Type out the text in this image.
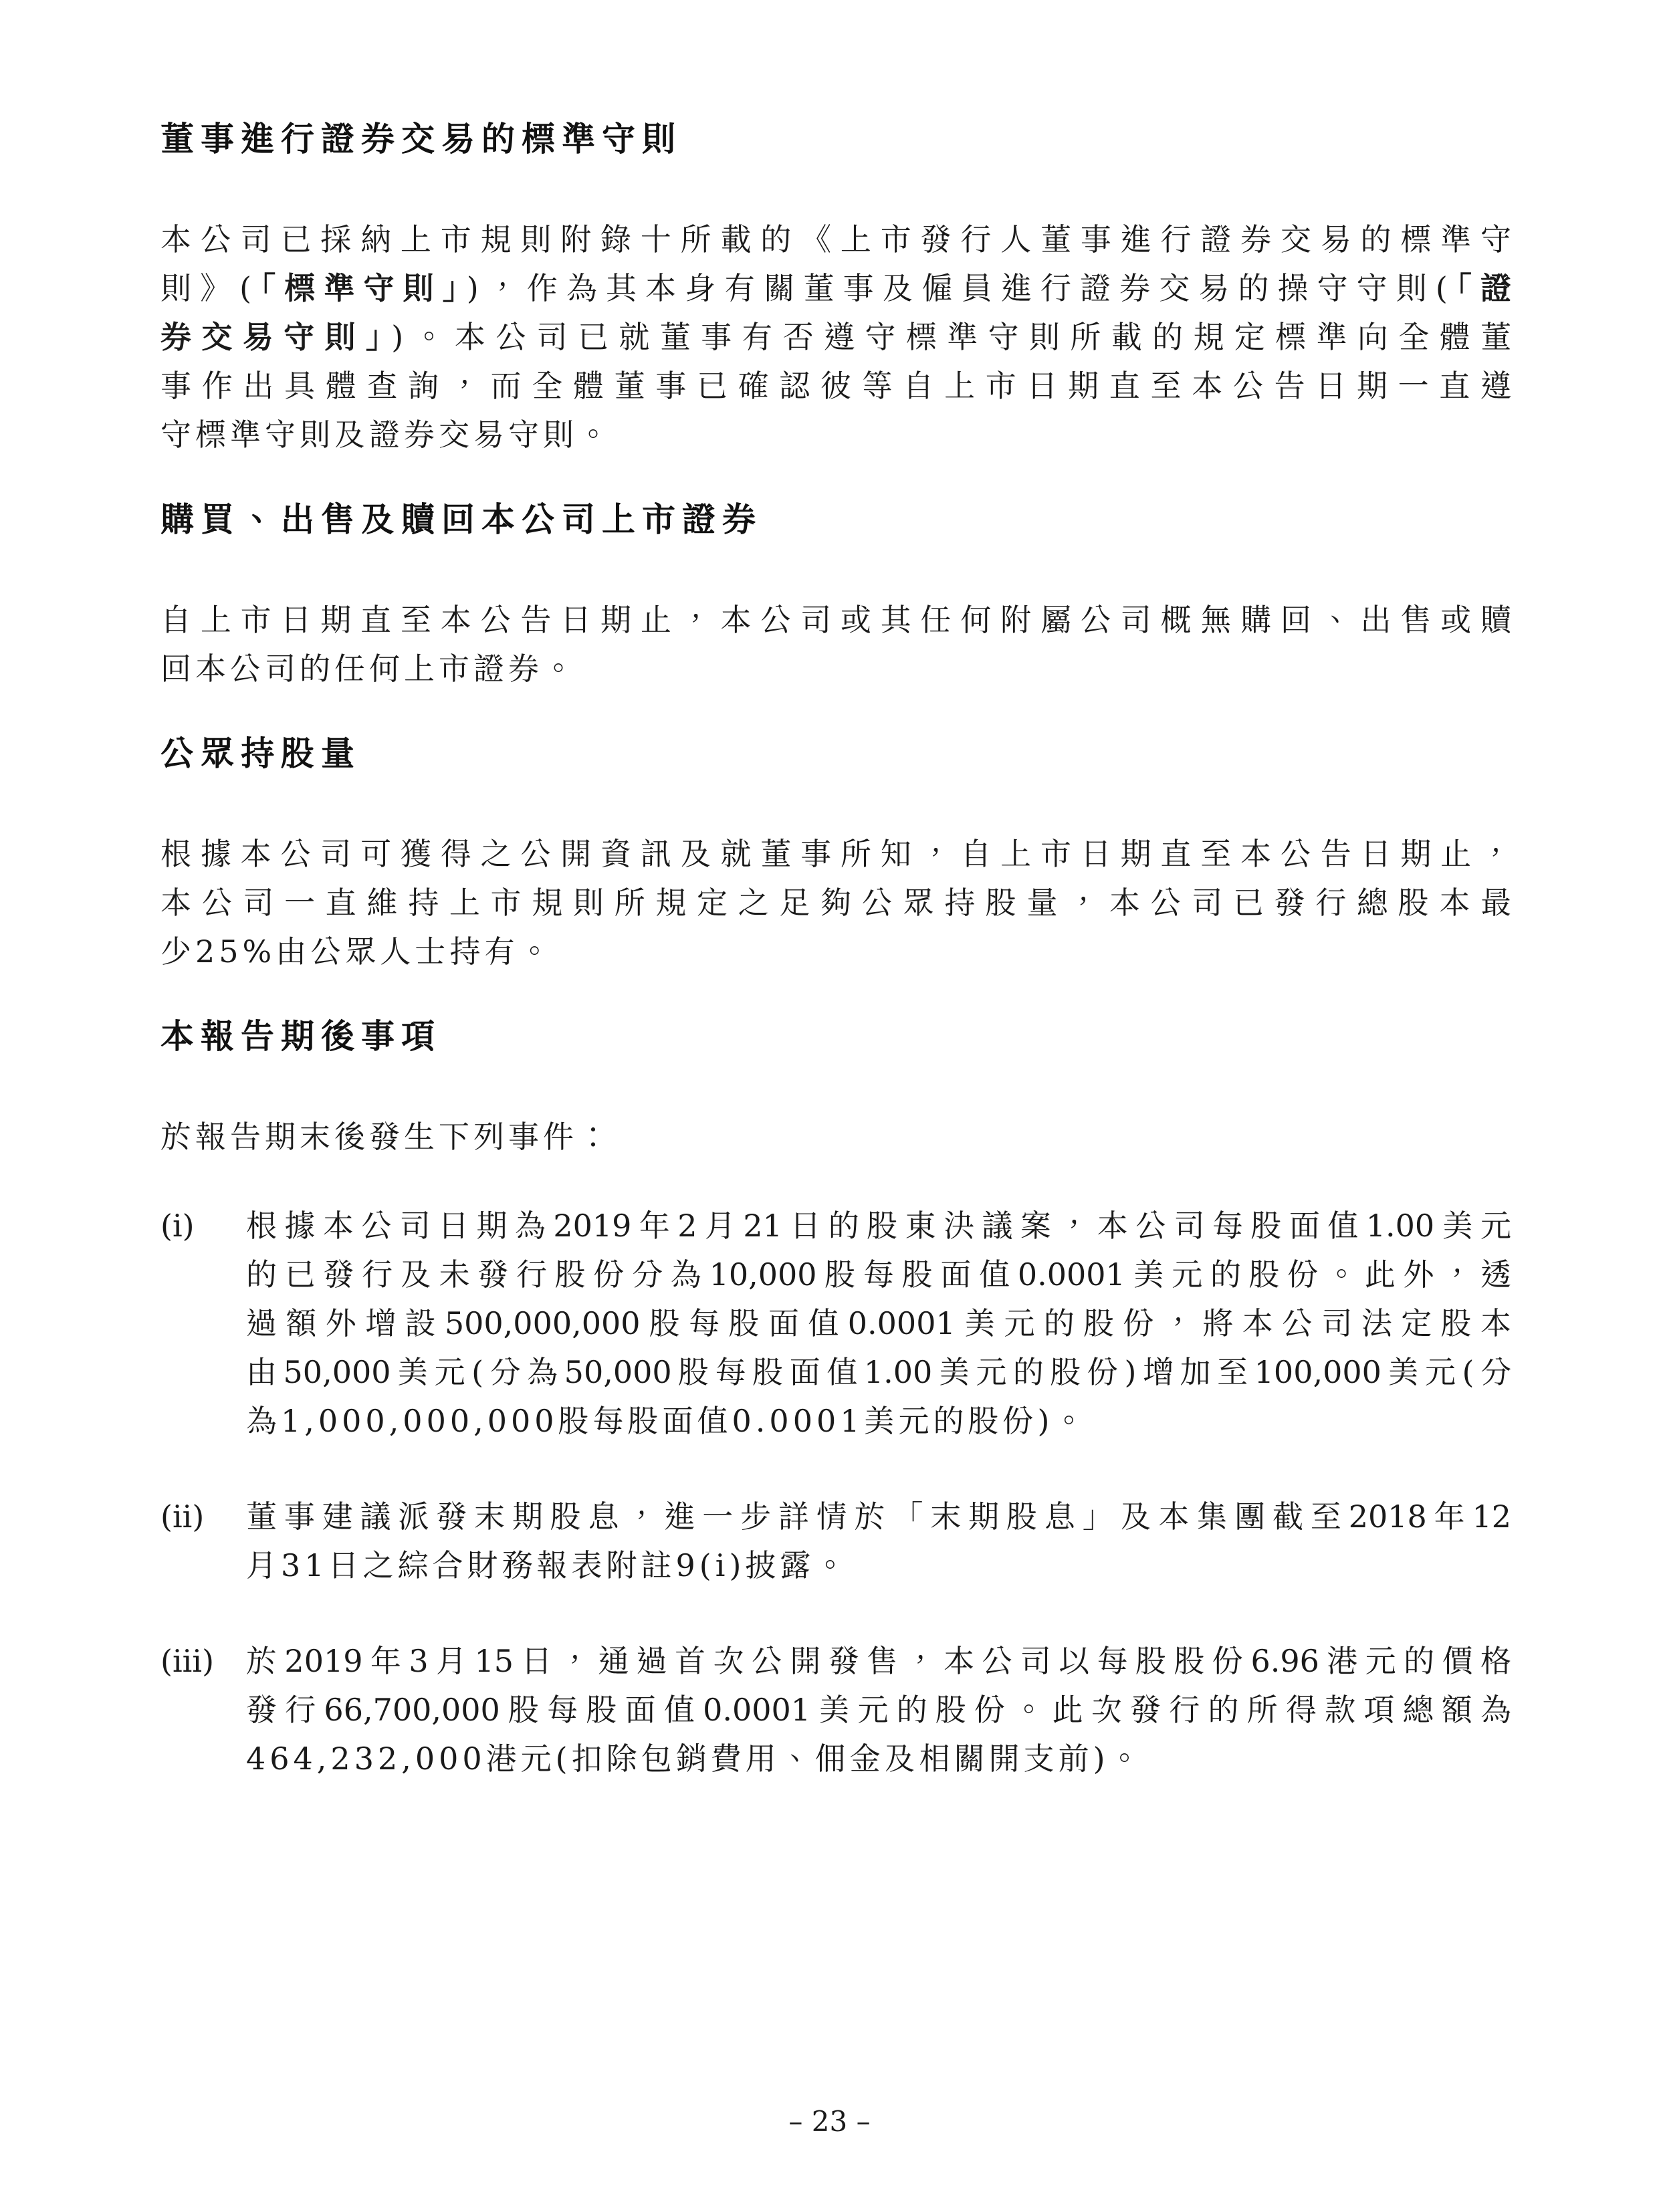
董事進行證券交易的標準守則
本公司已採納上市規則附錄十所載的《上市發行人董事進行證券交易的標準守
則》(「標準守則」)，作為其本身有關董事及僱員進行證券交易的操守守則(「證
券交易守則」)。本公司已就董事有否遵守標準守則所載的規定標準向全體董
事作出具體查詢，而全體董事已確認彼等自上市日期直至本公告日期一直遵
守標準守則及證券交易守則。
購買、出售及贖回本公司上市證券
自上市日期直至本公告日期止，本公司或其任何附屬公司概無購回、出售或贖
回本公司的任何上市證券。
公眾持股量
根據本公司可獲得之公開資訊及就董事所知，自上市日期直至本公告日期止，
本公司一直維持上市規則所規定之足夠公眾持股量，本公司已發行總股本最
少25%由公眾人士持有。
本報告期後事項
於報告期末後發生下列事件：
(i) 根據本公司日期為2019年2月21日的股東決議案，本公司每股面值1.00美元
的已發行及未發行股份分為10,000股每股面值0.0001美元的股份。此外，透
過額外增設500,000,000股每股面值0.0001美元的股份，將本公司法定股本
由50,000美元(分為50,000股每股面值1.00美元的股份)增加至100,000美元(分
為1,000,000,000股每股面值0.0001美元的股份)。
(ii) 董事建議派發末期股息，進一步詳情於「末期股息」及本集團截至2018年12
月31日之綜合財務報表附註9(i)披露。
(iii) 於2019年3月15日，通過首次公開發售，本公司以每股股份6.96港元的價格
發行66,700,000股每股面值0.0001美元的股份。此次發行的所得款項總額為
464,232,000港元(扣除包銷費用、佣金及相關開支前)。
– 23 –
